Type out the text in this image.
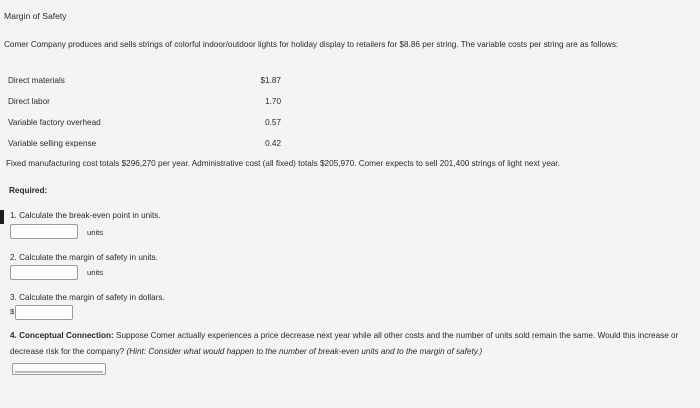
Margin of Safety
Comer Company produces and sells strings of colorful indoor/outdoor lights for holiday display to retailers for $8.86 per string. The variable costs per string are as follows:
Direct materials	$1.87
Direct labor	1.70
Variable factory overhead	0.57
Variable selling expense	0.42
Fixed manufacturing cost totals $296,270 per year. Administrative cost (all fixed) totals $205,970. Comer expects to sell 201,400 strings of light next year.
Required:
1. Calculate the break-even point in units.
units
2. Calculate the margin of safety in units.
units
3. Calculate the margin of safety in dollars.
$
4. Conceptual Connection: Suppose Comer actually experiences a price decrease next year while all other costs and the number of units sold remain the same. Would this increase or decrease risk for the company? (Hint: Consider what would happen to the number of break-even units and to the margin of safety.)
